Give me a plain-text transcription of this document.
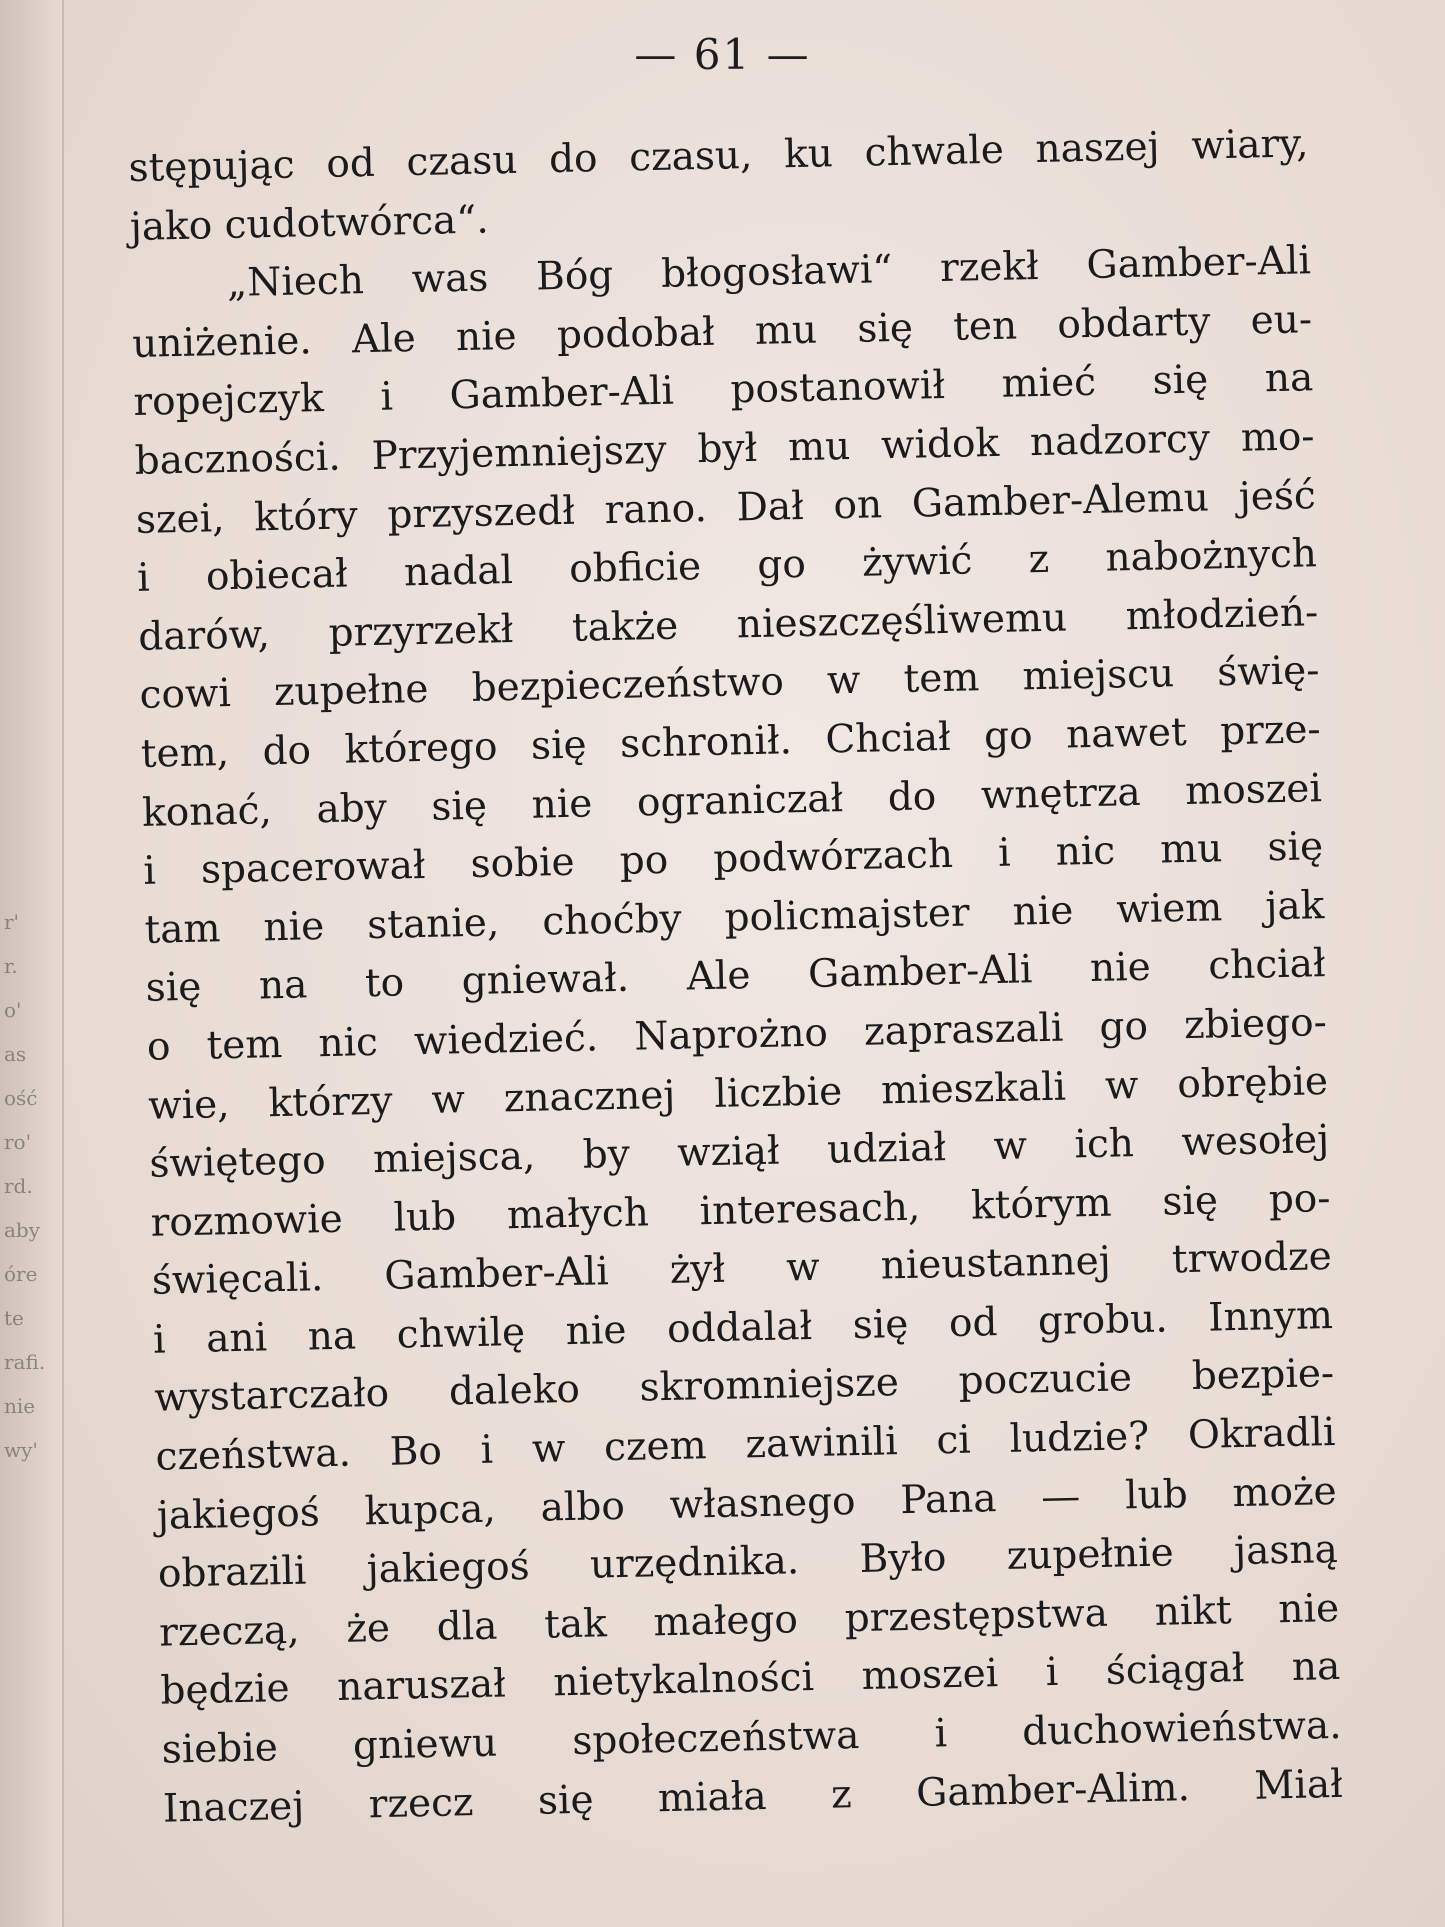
r'
r.
o'
as
ość
ro'
rd.
aby
óre
te
rafi.
nie
wy'
— 61 —
stępując od czasu do czasu, ku chwale naszej wiary,
jako cudotwórca“.
„Niech was Bóg błogosławi“ rzekł Gamber-Ali
uniżenie. Ale nie podobał mu się ten obdarty eu-
ropejczyk i Gamber-Ali postanowił mieć się na
baczności. Przyjemniejszy był mu widok nadzorcy mo-
szei, który przyszedł rano. Dał on Gamber-Alemu jeść
i obiecał nadal obficie go żywić z nabożnych
darów, przyrzekł także nieszczęśliwemu młodzień-
cowi zupełne bezpieczeństwo w tem miejscu świę-
tem, do którego się schronił. Chciał go nawet prze-
konać, aby się nie ograniczał do wnętrza moszei
i spacerował sobie po podwórzach i nic mu się
tam nie stanie, choćby policmajster nie wiem jak
się na to gniewał. Ale Gamber-Ali nie chciał
o tem nic wiedzieć. Naprożno zapraszali go zbiego-
wie, którzy w znacznej liczbie mieszkali w obrębie
świętego miejsca, by wziął udział w ich wesołej
rozmowie lub małych interesach, którym się po-
święcali. Gamber-Ali żył w nieustannej trwodze
i ani na chwilę nie oddalał się od grobu. Innym
wystarczało daleko skromniejsze poczucie bezpie-
czeństwa. Bo i w czem zawinili ci ludzie? Okradli
jakiegoś kupca, albo własnego Pana — lub może
obrazili jakiegoś urzędnika. Było zupełnie jasną
rzeczą, że dla tak małego przestępstwa nikt nie
będzie naruszał nietykalności moszei i ściągał na
siebie gniewu społeczeństwa i duchowieństwa.
Inaczej rzecz się miała z Gamber-Alim. Miał
